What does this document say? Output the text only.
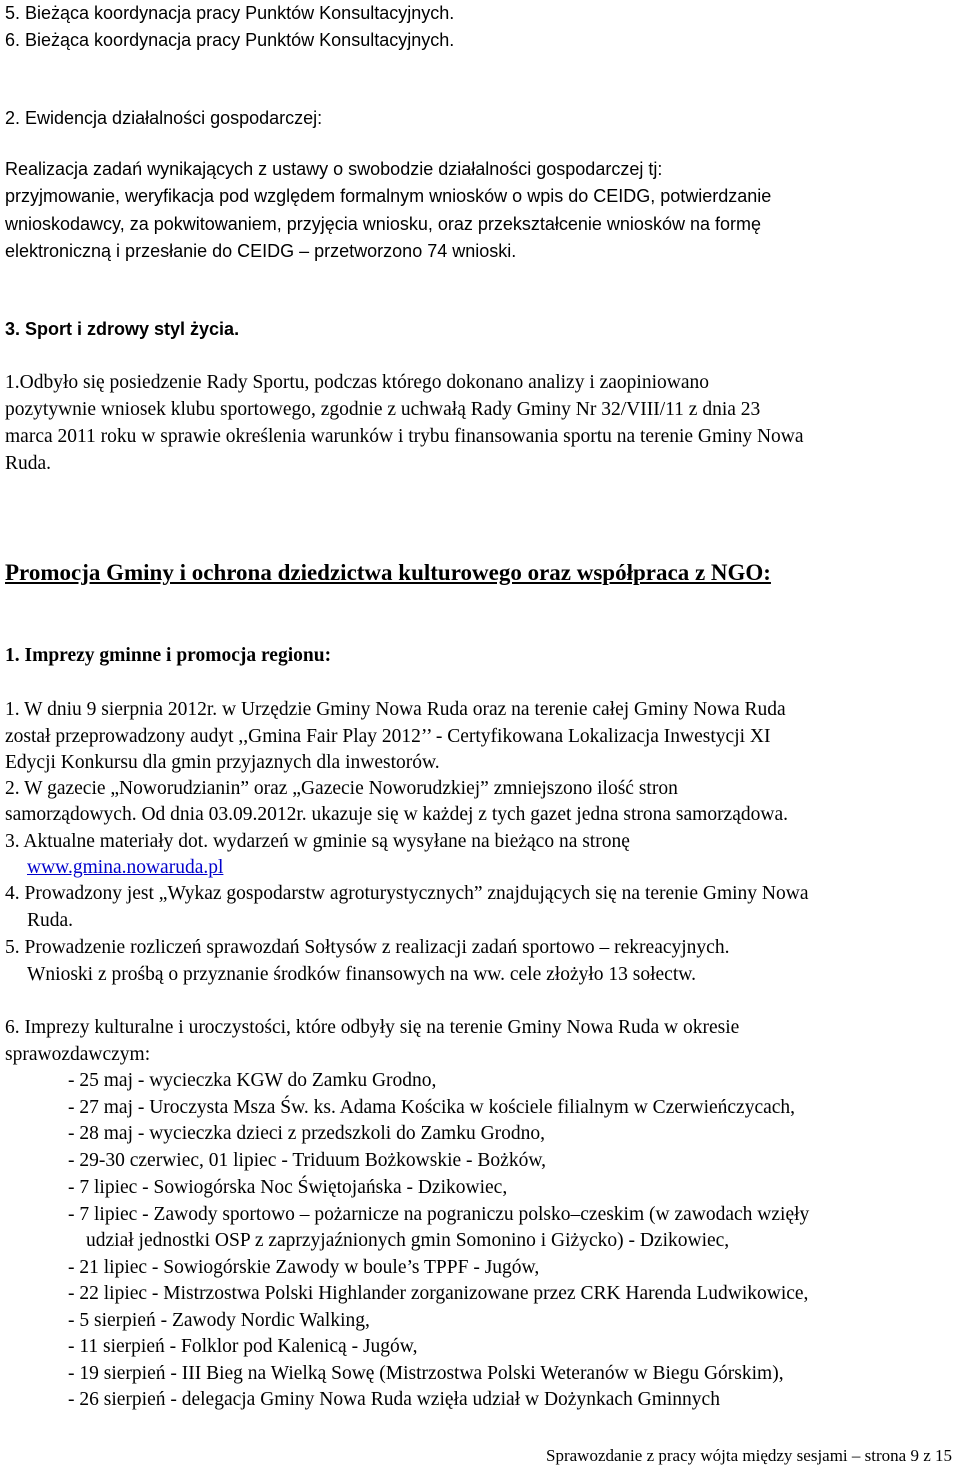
5. Bieżąca koordynacja pracy Punktów Konsultacyjnych.
6. Bieżąca koordynacja pracy Punktów Konsultacyjnych.
2. Ewidencja działalności gospodarczej:
Realizacja zadań wynikających z ustawy o swobodzie działalności gospodarczej tj:
przyjmowanie, weryfikacja pod względem formalnym wniosków o wpis do CEIDG, potwierdzanie
wnioskodawcy, za pokwitowaniem, przyjęcia wniosku, oraz przekształcenie wniosków na formę
elektroniczną i przesłanie do CEIDG – przetworzono 74 wnioski.
3. Sport i zdrowy styl życia.
1.Odbyło się posiedzenie Rady Sportu, podczas którego dokonano analizy i zaopiniowano
pozytywnie wniosek klubu sportowego, zgodnie z uchwałą Rady Gminy Nr 32/VIII/11 z dnia 23
marca 2011 roku w sprawie określenia warunków i trybu finansowania sportu na terenie Gminy Nowa
Ruda.
Promocja Gminy i ochrona dziedzictwa kulturowego oraz współpraca z NGO:
1. Imprezy gminne i promocja regionu:
1. W dniu 9 sierpnia 2012r. w Urzędzie Gminy Nowa Ruda oraz na terenie całej Gminy Nowa Ruda
został przeprowadzony audyt ,,Gmina Fair Play 2012’’ - Certyfikowana Lokalizacja Inwestycji XI
Edycji Konkursu dla gmin przyjaznych dla inwestorów.
2. W gazecie „Noworudzianin” oraz „Gazecie Noworudzkiej” zmniejszono ilość stron
samorządowych. Od dnia 03.09.2012r. ukazuje się w każdej z tych gazet jedna strona samorządowa.
3. Aktualne materiały dot. wydarzeń w gminie są wysyłane na bieżąco na stronę
www.gmina.nowaruda.pl
4. Prowadzony jest „Wykaz gospodarstw agroturystycznych” znajdujących się na terenie Gminy Nowa
Ruda.
5. Prowadzenie rozliczeń sprawozdań Sołtysów z realizacji zadań sportowo – rekreacyjnych.
Wnioski z prośbą o przyznanie środków finansowych na ww. cele złożyło 13 sołectw.
6. Imprezy kulturalne i uroczystości, które odbyły się na terenie Gminy Nowa Ruda w okresie
sprawozdawczym:
- 25 maj - wycieczka KGW do Zamku Grodno,
- 27 maj - Uroczysta Msza Św. ks. Adama Kościka w kościele filialnym w Czerwieńczycach,
- 28 maj - wycieczka dzieci z przedszkoli do Zamku Grodno,
- 29-30 czerwiec, 01 lipiec - Triduum Bożkowskie - Bożków,
- 7 lipiec - Sowiogórska Noc Świętojańska - Dzikowiec,
- 7 lipiec - Zawody sportowo – pożarnicze na pograniczu polsko–czeskim (w zawodach wzięły
udział jednostki OSP z zaprzyjaźnionych gmin Somonino i Giżycko) - Dzikowiec,
- 21 lipiec - Sowiogórskie Zawody w boule’s TPPF - Jugów,
- 22 lipiec - Mistrzostwa Polski Highlander zorganizowane przez CRK Harenda Ludwikowice,
- 5 sierpień - Zawody Nordic Walking,
- 11 sierpień - Folklor pod Kalenicą - Jugów,
- 19 sierpień - III Bieg na Wielką Sowę (Mistrzostwa Polski Weteranów w Biegu Górskim),
- 26 sierpień - delegacja Gminy Nowa Ruda wzięła udział w Dożynkach Gminnych
Sprawozdanie z pracy wójta między sesjami – strona 9 z 15
